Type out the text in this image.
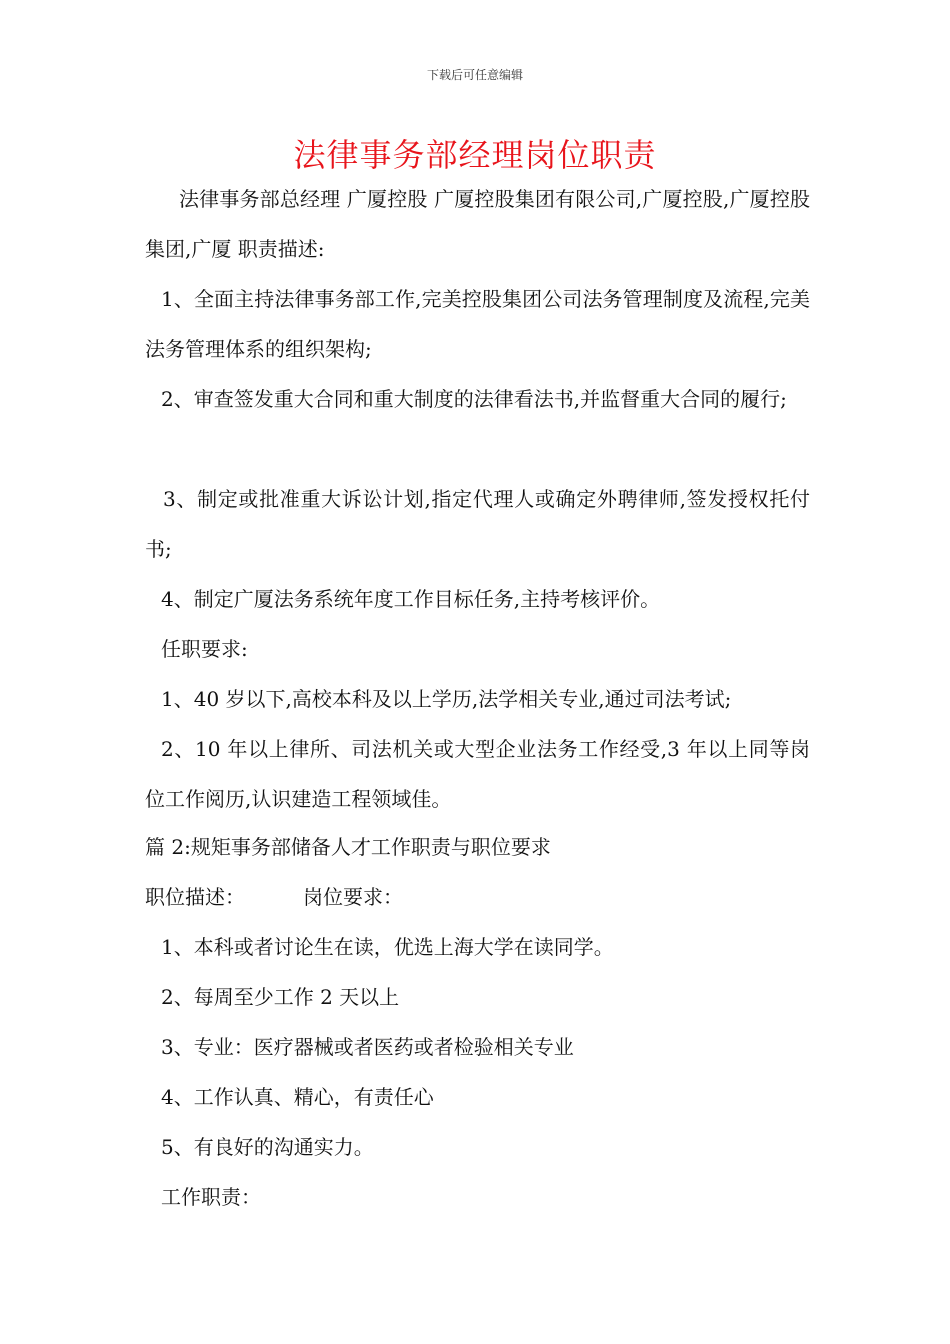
下载后可任意编辑
法律事务部经理岗位职责
法律事务部总经理 广厦控股 广厦控股集团有限公司,广厦控股,广厦控股集团,广厦 职责描述:
1、全面主持法律事务部工作,完美控股集团公司法务管理制度及流程,完美法务管理体系的组织架构;
2、审查签发重大合同和重大制度的法律看法书,并监督重大合同的履行;
3、制定或批准重大诉讼计划,指定代理人或确定外聘律师,签发授权托付书;
4、制定广厦法务系统年度工作目标任务,主持考核评价。
任职要求:
1、40 岁以下,高校本科及以上学历,法学相关专业,通过司法考试;
2、10 年以上律所、司法机关或大型企业法务工作经受,3 年以上同等岗位工作阅历,认识建造工程领域佳。
篇 2:规矩事务部储备人才工作职责与职位要求
职位描述：	岗位要求：
1、本科或者讨论生在读，优选上海大学在读同学。
2、每周至少工作 2 天以上
3、专业：医疗器械或者医药或者检验相关专业
4、工作认真、精心，有责任心
5、有良好的沟通实力。
工作职责：
